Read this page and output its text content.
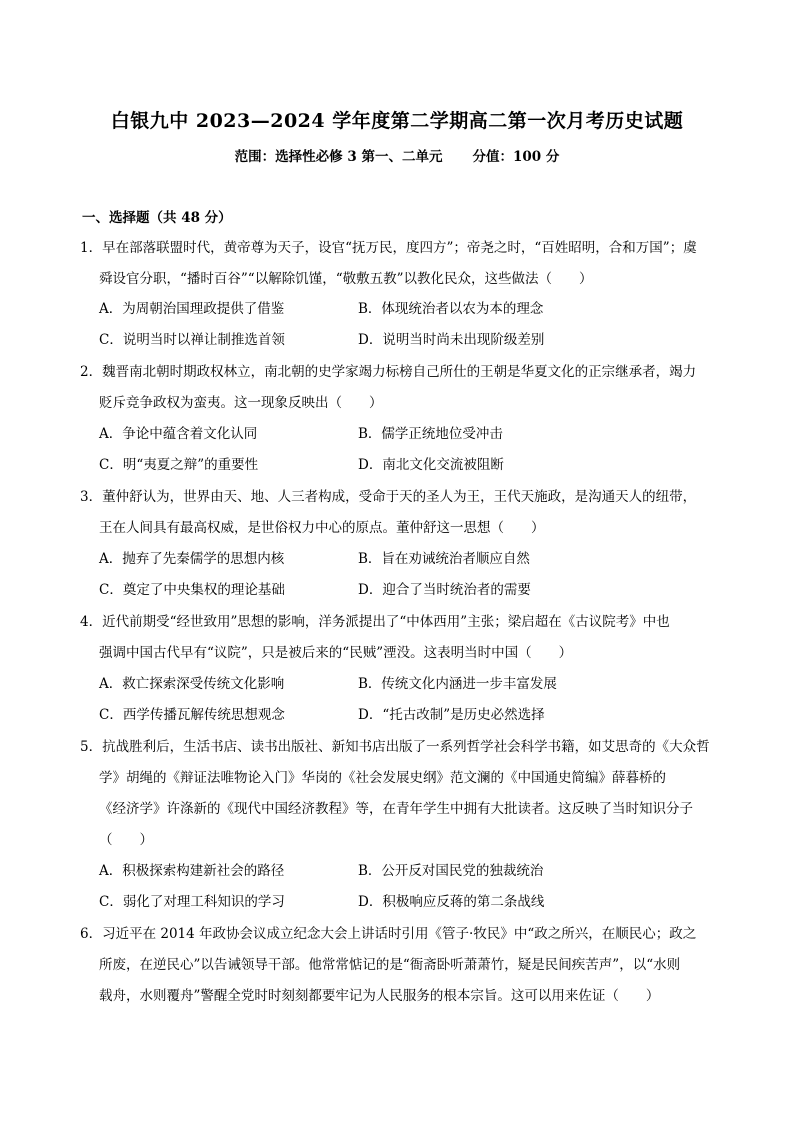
白银九中 2023—2024 学年度第二学期高二第一次月考历史试题
范围：选择性必修 3 第一、二单元 分值：100 分
一、选择题（共 48 分）
1．早在部落联盟时代，黄帝尊为天子，设官“抚万民，度四方”；帝尧之时，“百姓昭明，合和万国”；虞
舜设官分职，“播时百谷”“以解除饥馑，“敬敷五教”以教化民众，这些做法（　　）
A．为周朝治国理政提供了借鉴	B．体现统治者以农为本的理念
C．说明当时以禅让制推选首领	D．说明当时尚未出现阶级差别
2．魏晋南北朝时期政权林立，南北朝的史学家竭力标榜自己所仕的王朝是华夏文化的正宗继承者，竭力
贬斥竞争政权为蛮夷。这一现象反映出（　　）
A．争论中蕴含着文化认同	B．儒学正统地位受冲击
C．明“夷夏之辩”的重要性	D．南北文化交流被阻断
3．董仲舒认为，世界由天、地、人三者构成，受命于天的圣人为王，王代天施政，是沟通天人的纽带，
王在人间具有最高权威，是世俗权力中心的原点。董仲舒这一思想（　　）
A．抛弃了先秦儒学的思想内核	B．旨在劝诫统治者顺应自然
C．奠定了中央集权的理论基础	D．迎合了当时统治者的需要
4．近代前期受“经世致用”思想的影响，洋务派提出了“中体西用”主张；梁启超在《古议院考》中也
强调中国古代早有“议院”，只是被后来的“民贼”湮没。这表明当时中国（　　）
A．救亡探索深受传统文化影响	B．传统文化内涵进一步丰富发展
C．西学传播瓦解传统思想观念	D．“托古改制”是历史必然选择
5．抗战胜利后，生活书店、读书出版社、新知书店出版了一系列哲学社会科学书籍，如艾思奇的《大众哲
学》胡绳的《辩证法唯物论入门》华岗的《社会发展史纲》范文澜的《中国通史简编》薛暮桥的
《经济学》许涤新的《现代中国经济教程》等，在青年学生中拥有大批读者。这反映了当时知识分子
（　　）
A．积极探索构建新社会的路径	B．公开反对国民党的独裁统治
C．弱化了对理工科知识的学习	D．积极响应反蒋的第二条战线
6．习近平在 2014 年政协会议成立纪念大会上讲话时引用《管子·牧民》中“政之所兴，在顺民心；政之
所废，在逆民心”以告诫领导干部。他常常惦记的是“衙斋卧听萧萧竹，疑是民间疾苦声”，以“水则
载舟，水则覆舟”警醒全党时时刻刻都要牢记为人民服务的根本宗旨。这可以用来佐证（　　）
